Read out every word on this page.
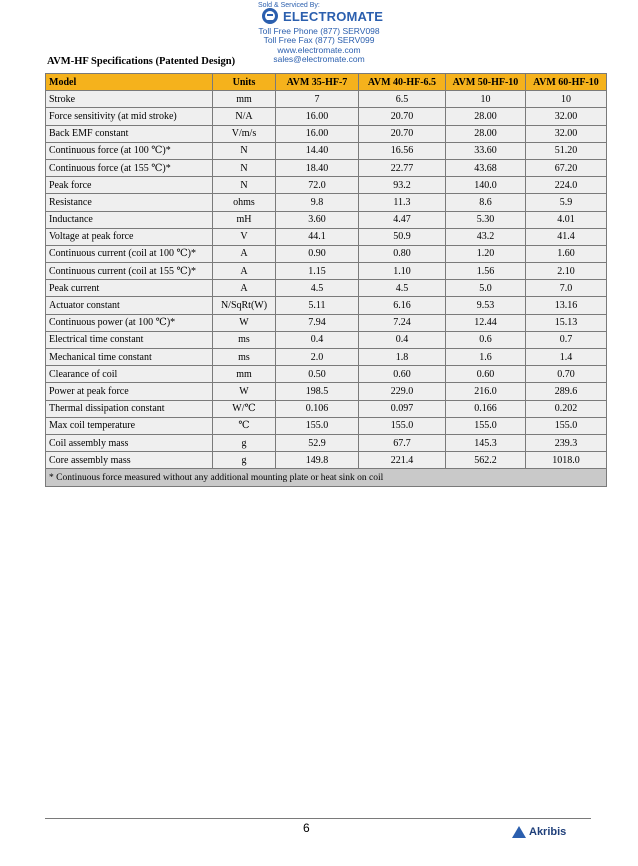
Sold & Serviced By:
ELECTROMATE
Toll Free Phone (877) SERV098
Toll Free Fax (877) SERV099
www.electromate.com
sales@electromate.com
AVM-HF Specifications (Patented Design)
Model	Units	AVM 35-HF-7	AVM 40-HF-6.5	AVM 50-HF-10	AVM 60-HF-10
Stroke	mm	7	6.5	10	10
Force sensitivity (at mid stroke)	N/A	16.00	20.70	28.00	32.00
Back EMF constant	V/m/s	16.00	20.70	28.00	32.00
Continuous force (at 100 ℃)*	N	14.40	16.56	33.60	51.20
Continuous force (at 155 ℃)*	N	18.40	22.77	43.68	67.20
Peak force	N	72.0	93.2	140.0	224.0
Resistance	ohms	9.8	11.3	8.6	5.9
Inductance	mH	3.60	4.47	5.30	4.01
Voltage at peak force	V	44.1	50.9	43.2	41.4
Continuous current (coil at 100 ℃)*	A	0.90	0.80	1.20	1.60
Continuous current (coil at 155 ℃)*	A	1.15	1.10	1.56	2.10
Peak current	A	4.5	4.5	5.0	7.0
Actuator constant	N/SqRt(W)	5.11	6.16	9.53	13.16
Continuous power (at 100 ℃)*	W	7.94	7.24	12.44	15.13
Electrical time constant	ms	0.4	0.4	0.6	0.7
Mechanical time constant	ms	2.0	1.8	1.6	1.4
Clearance of coil	mm	0.50	0.60	0.60	0.70
Power at peak force	W	198.5	229.0	216.0	289.6
Thermal dissipation constant	W/℃	0.106	0.097	0.166	0.202
Max coil temperature	℃	155.0	155.0	155.0	155.0
Coil assembly mass	g	52.9	67.7	145.3	239.3
Core assembly mass	g	149.8	221.4	562.2	1018.0
* Continuous force measured without any additional mounting plate or heat sink on coil					
6	Akribis
